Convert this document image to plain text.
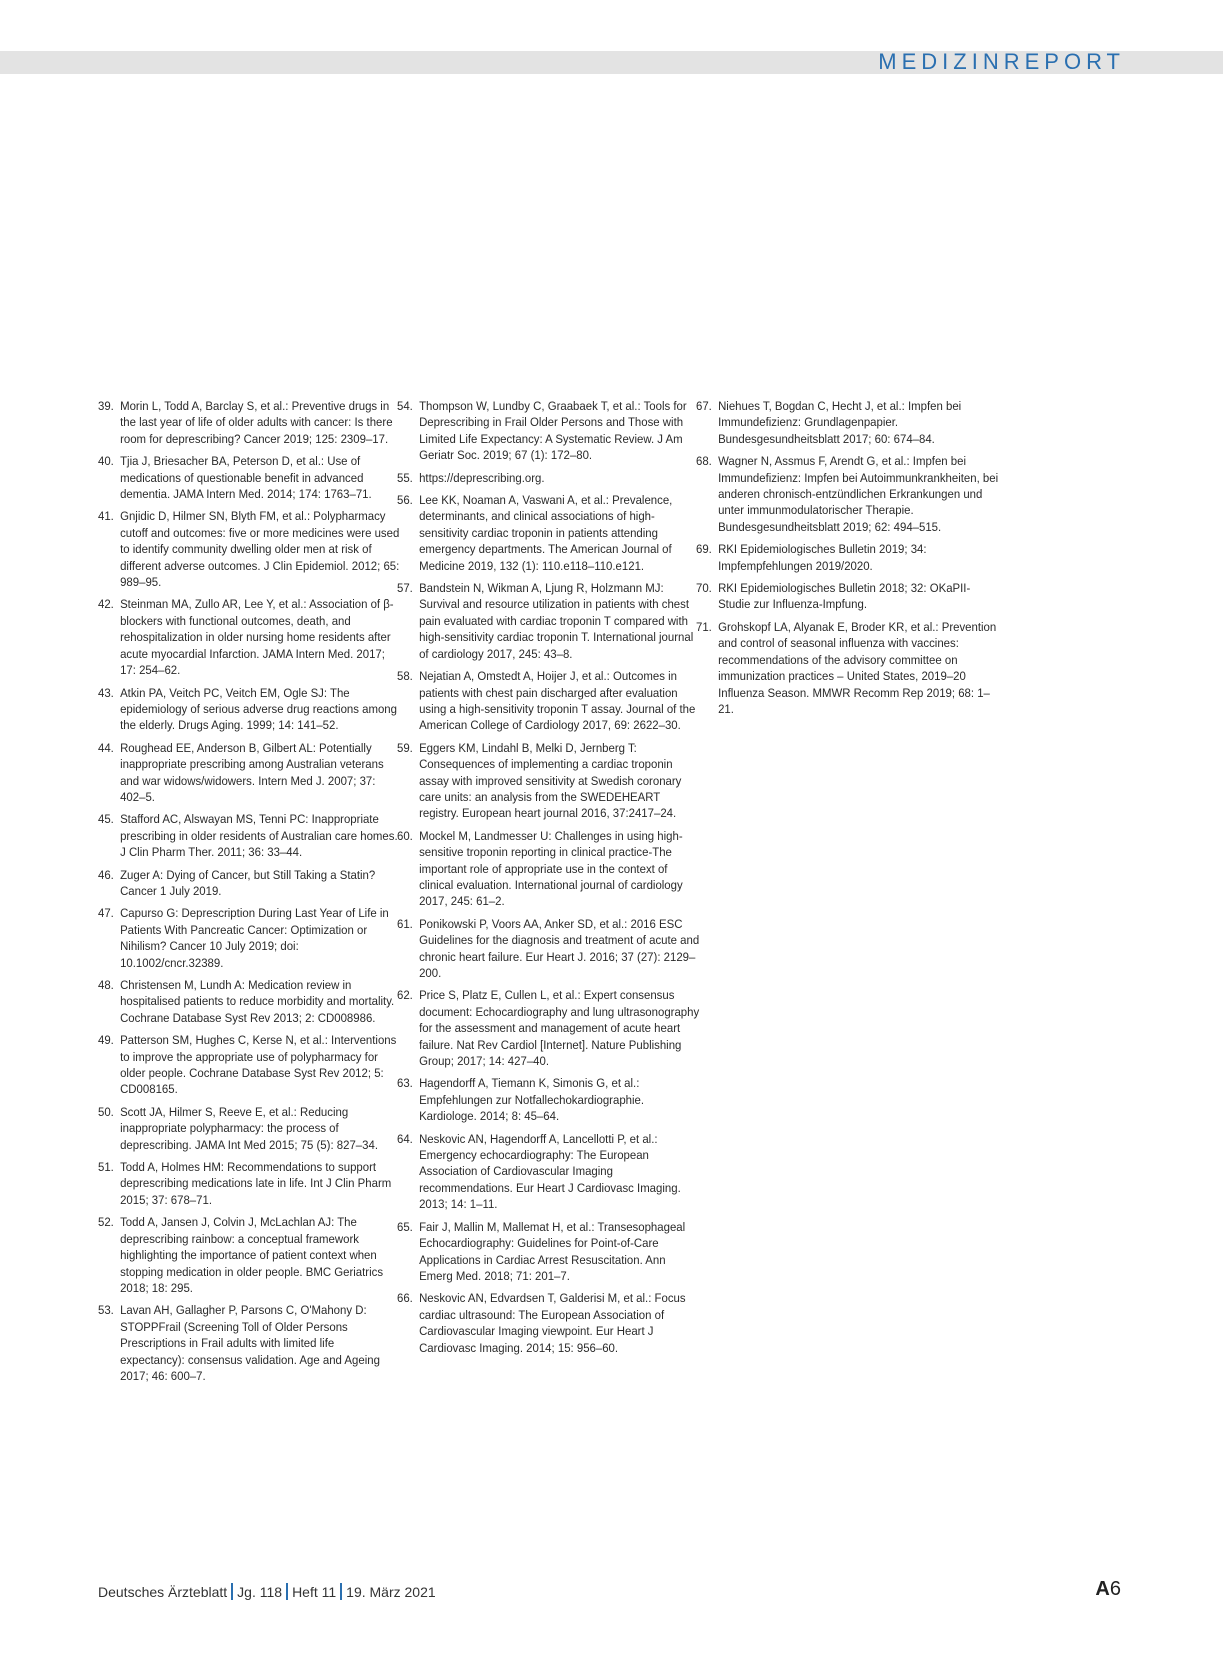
MEDIZINREPORT
39. Morin L, Todd A, Barclay S, et al.: Preventive drugs in the last year of life of older adults with cancer: Is there room for deprescribing? Cancer 2019; 125: 2309–17.
40. Tjia J, Briesacher BA, Peterson D, et al.: Use of medications of questionable benefit in advanced dementia. JAMA Intern Med. 2014; 174: 1763–71.
41. Gnjidic D, Hilmer SN, Blyth FM, et al.: Polypharmacy cutoff and outcomes: five or more medicines were used to identify community dwelling older men at risk of different adverse outcomes. J Clin Epidemiol. 2012; 65: 989–95.
42. Steinman MA, Zullo AR, Lee Y, et al.: Association of β-blockers with functional outcomes, death, and rehospitalization in older nursing home residents after acute myocardial Infarction. JAMA Intern Med. 2017; 17: 254–62.
43. Atkin PA, Veitch PC, Veitch EM, Ogle SJ: The epidemiology of serious adverse drug reactions among the elderly. Drugs Aging. 1999; 14: 141–52.
44. Roughead EE, Anderson B, Gilbert AL: Potentially inappropriate prescribing among Australian veterans and war widows/widowers. Intern Med J. 2007; 37: 402–5.
45. Stafford AC, Alswayan MS, Tenni PC: Inappropriate prescribing in older residents of Australian care homes. J Clin Pharm Ther. 2011; 36: 33–44.
46. Zuger A: Dying of Cancer, but Still Taking a Statin? Cancer 1 July 2019.
47. Capurso G: Deprescription During Last Year of Life in Patients With Pancreatic Cancer: Optimization or Nihilism? Cancer 10 July 2019; doi: 10.1002/cncr.32389.
48. Christensen M, Lundh A: Medication review in hospitalised patients to reduce morbidity and mortality. Cochrane Database Syst Rev 2013; 2: CD008986.
49. Patterson SM, Hughes C, Kerse N, et al.: Interventions to improve the appropriate use of polypharmacy for older people. Cochrane Database Syst Rev 2012; 5: CD008165.
50. Scott JA, Hilmer S, Reeve E, et al.: Reducing inappropriate polypharmacy: the process of deprescribing. JAMA Int Med 2015; 75 (5): 827–34.
51. Todd A, Holmes HM: Recommendations to support deprescribing medications late in life. Int J Clin Pharm 2015; 37: 678–71.
52. Todd A, Jansen J, Colvin J, McLachlan AJ: The deprescribing rainbow: a conceptual framework highlighting the importance of patient context when stopping medication in older people. BMC Geriatrics 2018; 18: 295.
53. Lavan AH, Gallagher P, Parsons C, O'Mahony D: STOPPFrail (Screening Toll of Older Persons Prescriptions in Frail adults with limited life expectancy): consensus validation. Age and Ageing 2017; 46: 600–7.
54. Thompson W, Lundby C, Graabaek T, et al.: Tools for Deprescribing in Frail Older Persons and Those with Limited Life Expectancy: A Systematic Review. J Am Geriatr Soc. 2019; 67 (1): 172–80.
55. https://deprescribing.org.
56. Lee KK, Noaman A, Vaswani A, et al.: Prevalence, determinants, and clinical associations of high-sensitivity cardiac troponin in patients attending emergency departments. The American Journal of Medicine 2019, 132 (1): 110.e118–110.e121.
57. Bandstein N, Wikman A, Ljung R, Holzmann MJ: Survival and resource utilization in patients with chest pain evaluated with cardiac troponin T compared with high-sensitivity cardiac troponin T. International journal of cardiology 2017, 245: 43–8.
58. Nejatian A, Omstedt A, Hoijer J, et al.: Outcomes in patients with chest pain discharged after evaluation using a high-sensitivity troponin T assay. Journal of the American College of Cardiology 2017, 69: 2622–30.
59. Eggers KM, Lindahl B, Melki D, Jernberg T: Consequences of implementing a cardiac troponin assay with improved sensitivity at Swedish coronary care units: an analysis from the SWEDEHEART registry. European heart journal 2016, 37:2417–24.
60. Mockel M, Landmesser U: Challenges in using high-sensitive troponin reporting in clinical practice-The important role of appropriate use in the context of clinical evaluation. International journal of cardiology 2017, 245: 61–2.
61. Ponikowski P, Voors AA, Anker SD, et al.: 2016 ESC Guidelines for the diagnosis and treatment of acute and chronic heart failure. Eur Heart J. 2016; 37 (27): 2129–200.
62. Price S, Platz E, Cullen L, et al.: Expert consensus document: Echocardiography and lung ultrasonography for the assessment and management of acute heart failure. Nat Rev Cardiol [Internet]. Nature Publishing Group; 2017; 14: 427–40.
63. Hagendorff A, Tiemann K, Simonis G, et al.: Empfehlungen zur Notfallechokardiographie. Kardiologe. 2014; 8: 45–64.
64. Neskovic AN, Hagendorff A, Lancellotti P, et al.: Emergency echocardiography: The European Association of Cardiovascular Imaging recommendations. Eur Heart J Cardiovasc Imaging. 2013; 14: 1–11.
65. Fair J, Mallin M, Mallemat H, et al.: Transesophageal Echocardiography: Guidelines for Point-of-Care Applications in Cardiac Arrest Resuscitation. Ann Emerg Med. 2018; 71: 201–7.
66. Neskovic AN, Edvardsen T, Galderisi M, et al.: Focus cardiac ultrasound: The European Association of Cardiovascular Imaging viewpoint. Eur Heart J Cardiovasc Imaging. 2014; 15: 956–60.
67. Niehues T, Bogdan C, Hecht J, et al.: Impfen bei Immundefizienz: Grundlagenpapier. Bundesgesundheitsblatt 2017; 60: 674–84.
68. Wagner N, Assmus F, Arendt G, et al.: Impfen bei Immundefizienz: Impfen bei Autoimmunkrankheiten, bei anderen chronisch-entzündlichen Erkrankungen und unter immunmodulatorischer Therapie. Bundesgesundheitsblatt 2019; 62: 494–515.
69. RKI Epidemiologisches Bulletin 2019; 34: Impfempfehlungen 2019/2020.
70. RKI Epidemiologisches Bulletin 2018; 32: OKaPII-Studie zur Influenza-Impfung.
71. Grohskopf LA, Alyanak E, Broder KR, et al.: Prevention and control of seasonal influenza with vaccines: recommendations of the advisory committee on immunization practices – United States, 2019–20 Influenza Season. MMWR Recomm Rep 2019; 68: 1–21.
Deutsches Ärzteblatt Jg. 118 Heft 11 19. März 2021	A6
